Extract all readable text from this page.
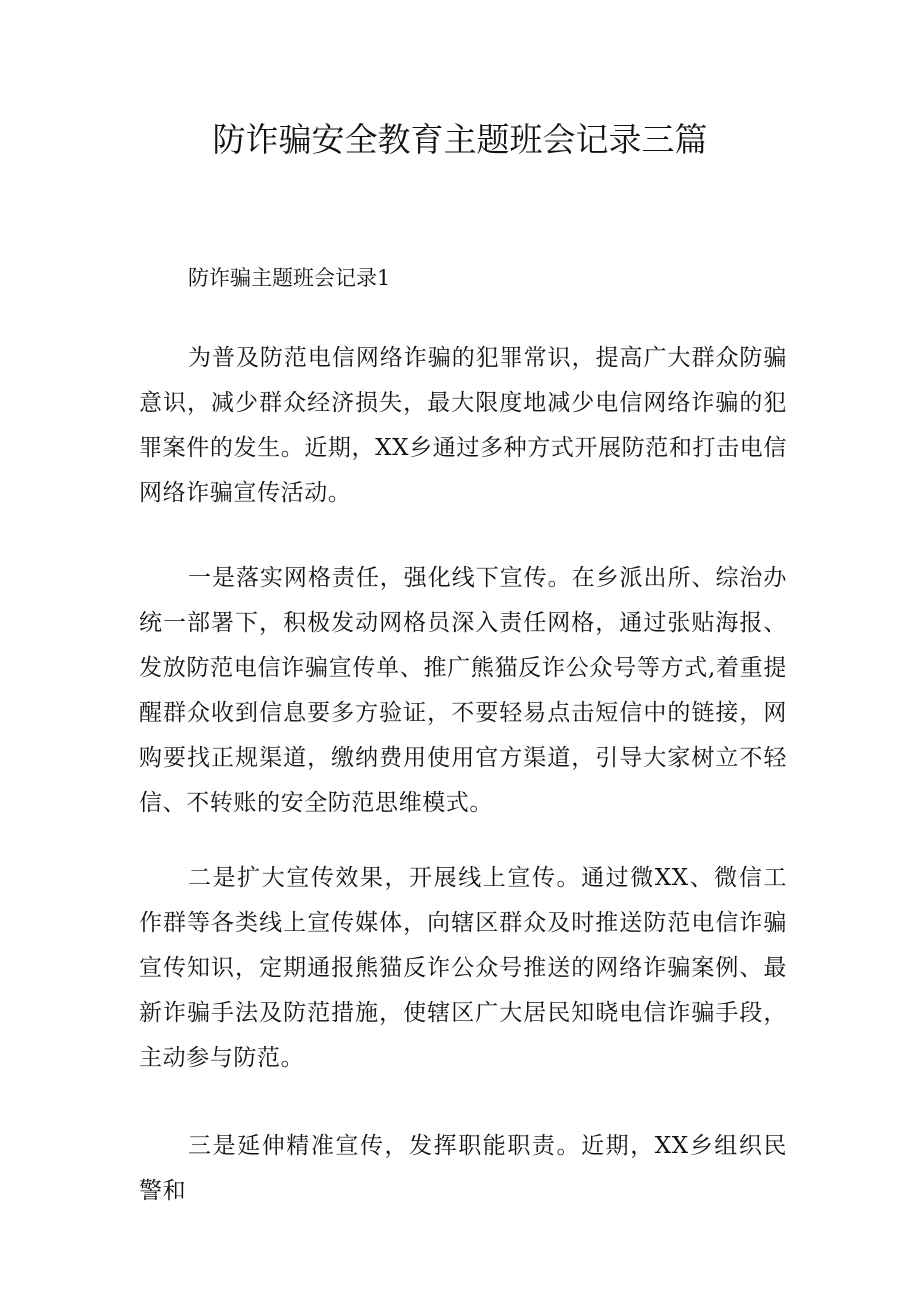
防诈骗安全教育主题班会记录三篇
防诈骗主题班会记录1
为普及防范电信网络诈骗的犯罪常识，提高广大群众防骗意识，减少群众经济损失，最大限度地减少电信网络诈骗的犯罪案件的发生。近期，XX乡通过多种方式开展防范和打击电信网络诈骗宣传活动。
一是落实网格责任，强化线下宣传。在乡派出所、综治办统一部署下，积极发动网格员深入责任网格，通过张贴海报、发放防范电信诈骗宣传单、推广熊猫反诈公众号等方式,着重提醒群众收到信息要多方验证，不要轻易点击短信中的链接，网购要找正规渠道，缴纳费用使用官方渠道，引导大家树立不轻信、不转账的安全防范思维模式。
二是扩大宣传效果，开展线上宣传。通过微XX、微信工作群等各类线上宣传媒体，向辖区群众及时推送防范电信诈骗宣传知识，定期通报熊猫反诈公众号推送的网络诈骗案例、最新诈骗手法及防范措施，使辖区广大居民知晓电信诈骗手段，主动参与防范。
三是延伸精准宣传，发挥职能职责。近期，XX乡组织民警和
